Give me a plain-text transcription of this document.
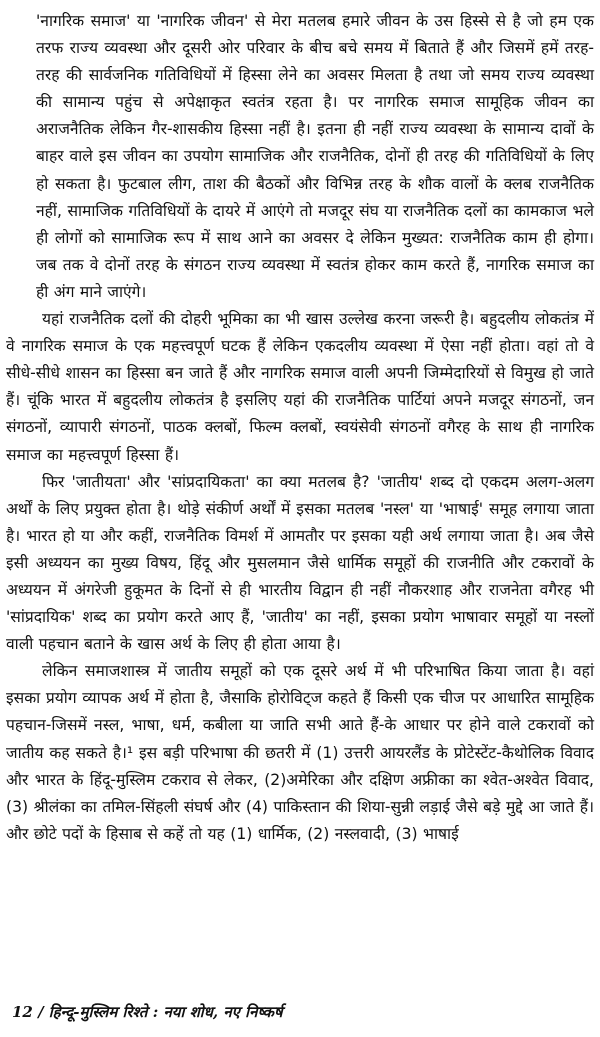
'नागरिक समाज' या 'नागरिक जीवन' से मेरा मतलब हमारे जीवन के उस हिस्से से है जो हम एक तरफ राज्य व्यवस्था और दूसरी ओर परिवार के बीच बचे समय में बिताते हैं और जिसमें हमें तरह-तरह की सार्वजनिक गतिविधियों में हिस्सा लेने का अवसर मिलता है तथा जो समय राज्य व्यवस्था की सामान्य पहुंच से अपेक्षाकृत स्वतंत्र रहता है। पर नागरिक समाज सामूहिक जीवन का अराजनैतिक लेकिन गैर-शासकीय हिस्सा नहीं है। इतना ही नहीं राज्य व्यवस्था के सामान्य दावों के बाहर वाले इस जीवन का उपयोग सामाजिक और राजनैतिक, दोनों ही तरह की गतिविधियों के लिए हो सकता है। फुटबाल लीग, ताश की बैठकों और विभिन्न तरह के शौक वालों के क्लब राजनैतिक नहीं, सामाजिक गतिविधियों के दायरे में आएंगे तो मजदूर संघ या राजनैतिक दलों का कामकाज भले ही लोगों को सामाजिक रूप में साथ आने का अवसर दे लेकिन मुख्यत: राजनैतिक काम ही होगा। जब तक वे दोनों तरह के संगठन राज्य व्यवस्था में स्वतंत्र होकर काम करते हैं, नागरिक समाज का ही अंग माने जाएंगे।

यहां राजनैतिक दलों की दोहरी भूमिका का भी खास उल्लेख करना जरूरी है। बहुदलीय लोकतंत्र में वे नागरिक समाज के एक महत्त्वपूर्ण घटक हैं लेकिन एकदलीय व्यवस्था में ऐसा नहीं होता। वहां तो वे सीधे-सीधे शासन का हिस्सा बन जाते हैं और नागरिक समाज वाली अपनी जिम्मेदारियों से विमुख हो जाते हैं। चूंकि भारत में बहुदलीय लोकतंत्र है इसलिए यहां की राजनैतिक पार्टियां अपने मजदूर संगठनों, जन संगठनों, व्यापारी संगठनों, पाठक क्लबों, फिल्म क्लबों, स्वयंसेवी संगठनों वगैरह के साथ ही नागरिक समाज का महत्त्वपूर्ण हिस्सा हैं।

फिर 'जातीयता' और 'सांप्रदायिकता' का क्या मतलब है? 'जातीय' शब्द दो एकदम अलग-अलग अर्थों के लिए प्रयुक्त होता है। थोड़े संकीर्ण अर्थों में इसका मतलब 'नस्ल' या 'भाषाई' समूह लगाया जाता है। भारत हो या और कहीं, राजनैतिक विमर्श में आमतौर पर इसका यही अर्थ लगाया जाता है। अब जैसे इसी अध्ययन का मुख्य विषय, हिंदू और मुसलमान जैसे धार्मिक समूहों की राजनीति और टकरावों के अध्ययन में अंगरेजी हुकूमत के दिनों से ही भारतीय विद्वान ही नहीं नौकरशाह और राजनेता वगैरह भी 'सांप्रदायिक' शब्द का प्रयोग करते आए हैं, 'जातीय' का नहीं, इसका प्रयोग भाषावार समूहों या नस्लों वाली पहचान बताने के खास अर्थ के लिए ही होता आया है।

लेकिन समाजशास्त्र में जातीय समूहों को एक दूसरे अर्थ में भी परिभाषित किया जाता है। वहां इसका प्रयोग व्यापक अर्थ में होता है, जैसाकि होरोविट्ज कहते हैं किसी एक चीज पर आधारित सामूहिक पहचान-जिसमें नस्ल, भाषा, धर्म, कबीला या जाति सभी आते हैं-के आधार पर होने वाले टकरावों को जातीय कह सकते है।¹ इस बड़ी परिभाषा की छतरी में (1) उत्तरी आयरलैंड के प्रोटेस्टेंट-कैथोलिक विवाद और भारत के हिंदू-मुस्लिम टकराव से लेकर, (2)अमेरिका और दक्षिण अफ्रीका का श्वेत-अश्वेत विवाद, (3) श्रीलंका का तमिल-सिंहली संघर्ष और (4) पाकिस्तान की शिया-सुन्नी लड़ाई जैसे बड़े मुद्दे आ जाते हैं। और छोटे पदों के हिसाब से कहें तो यह (1) धार्मिक, (2) नस्लवादी, (3) भाषाई

12 / हिन्दू-मुस्लिम रिश्ते : नया शोध, नए निष्कर्ष
